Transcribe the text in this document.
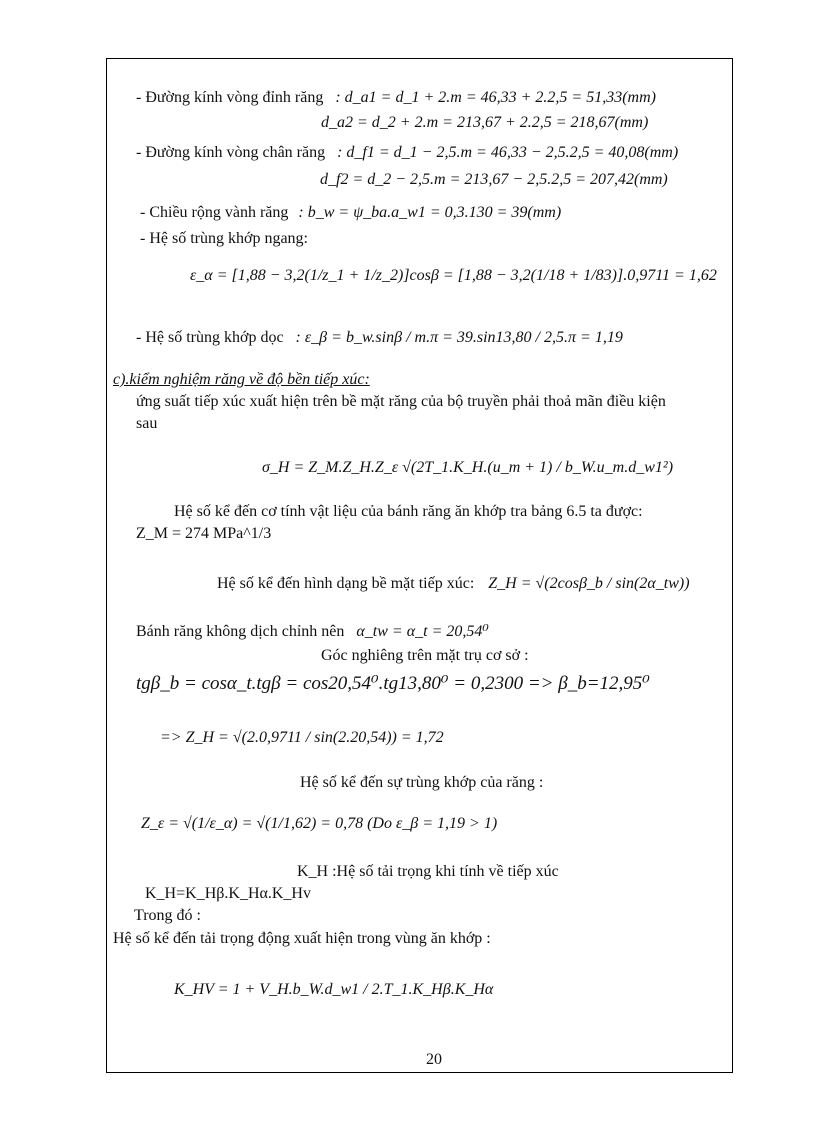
- Đường kính vòng đỉnh răng : d_a1 = d_1 + 2.m = 46,33 + 2.2,5 = 51,33(mm)
d_a2 = d_2 + 2.m = 213,67 + 2.2,5 = 218,67(mm)
- Đường kính vòng chân răng : d_f1 = d_1 − 2,5.m = 46,33 − 2,5.2,5 = 40,08(mm)
d_f2 = d_2 − 2,5.m = 213,67 − 2,5.2,5 = 207,42(mm)
- Chiều rộng vành răng : b_w = ψ_ba.a_w1 = 0,3.130 = 39(mm)
- Hệ số trùng khớp ngang:
ε_α = [1,88 − 3,2(1/z_1 + 1/z_2)]cosβ = [1,88 − 3,2(1/18 + 1/83)].0,9711 = 1,62
- Hệ số trùng khớp dọc : ε_β = b_w.sinβ / m.π = 39.sin13,80 / 2,5.π = 1,19
c).kiểm nghiệm răng về độ bền tiếp xúc:
ứng suất tiếp xúc xuất hiện trên bề mặt răng của bộ truyền phải thoả mãn điều kiện
sau
σ_H = Z_M.Z_H.Z_ε √(2T_1.K_H.(u_m + 1) / b_W.u_m.d_w1²)
Hệ số kể đến cơ tính vật liệu của bánh răng ăn khớp tra bảng 6.5 ta được:
Z_M = 274 MPa^1/3
Hệ số kể đến hình dạng bề mặt tiếp xúc: Z_H = √(2cosβ_b / sin(2α_tw))
Bánh răng không dịch chỉnh nên α_tw = α_t = 20,54⁰
Góc nghiêng trên mặt trụ cơ sở :
tgβ_b = cosα_t.tgβ = cos20,54⁰.tg13,80⁰ = 0,2300 => β_b=12,95⁰
=> Z_H = √(2.0,9711 / sin(2.20,54)) = 1,72
Hệ số kể đến sự trùng khớp của răng :
Z_ε = √(1/ε_α) = √(1/1,62) = 0,78 (Do ε_β = 1,19 > 1)
K_H :Hệ số tải trọng khi tính về tiếp xúc
K_H=K_Hβ.K_Hα.K_Hv
Trong đó :
Hệ số kể đến tải trọng động xuất hiện trong vùng ăn khớp :
K_HV = 1 + V_H.b_W.d_w1 / 2.T_1.K_Hβ.K_Hα
20
